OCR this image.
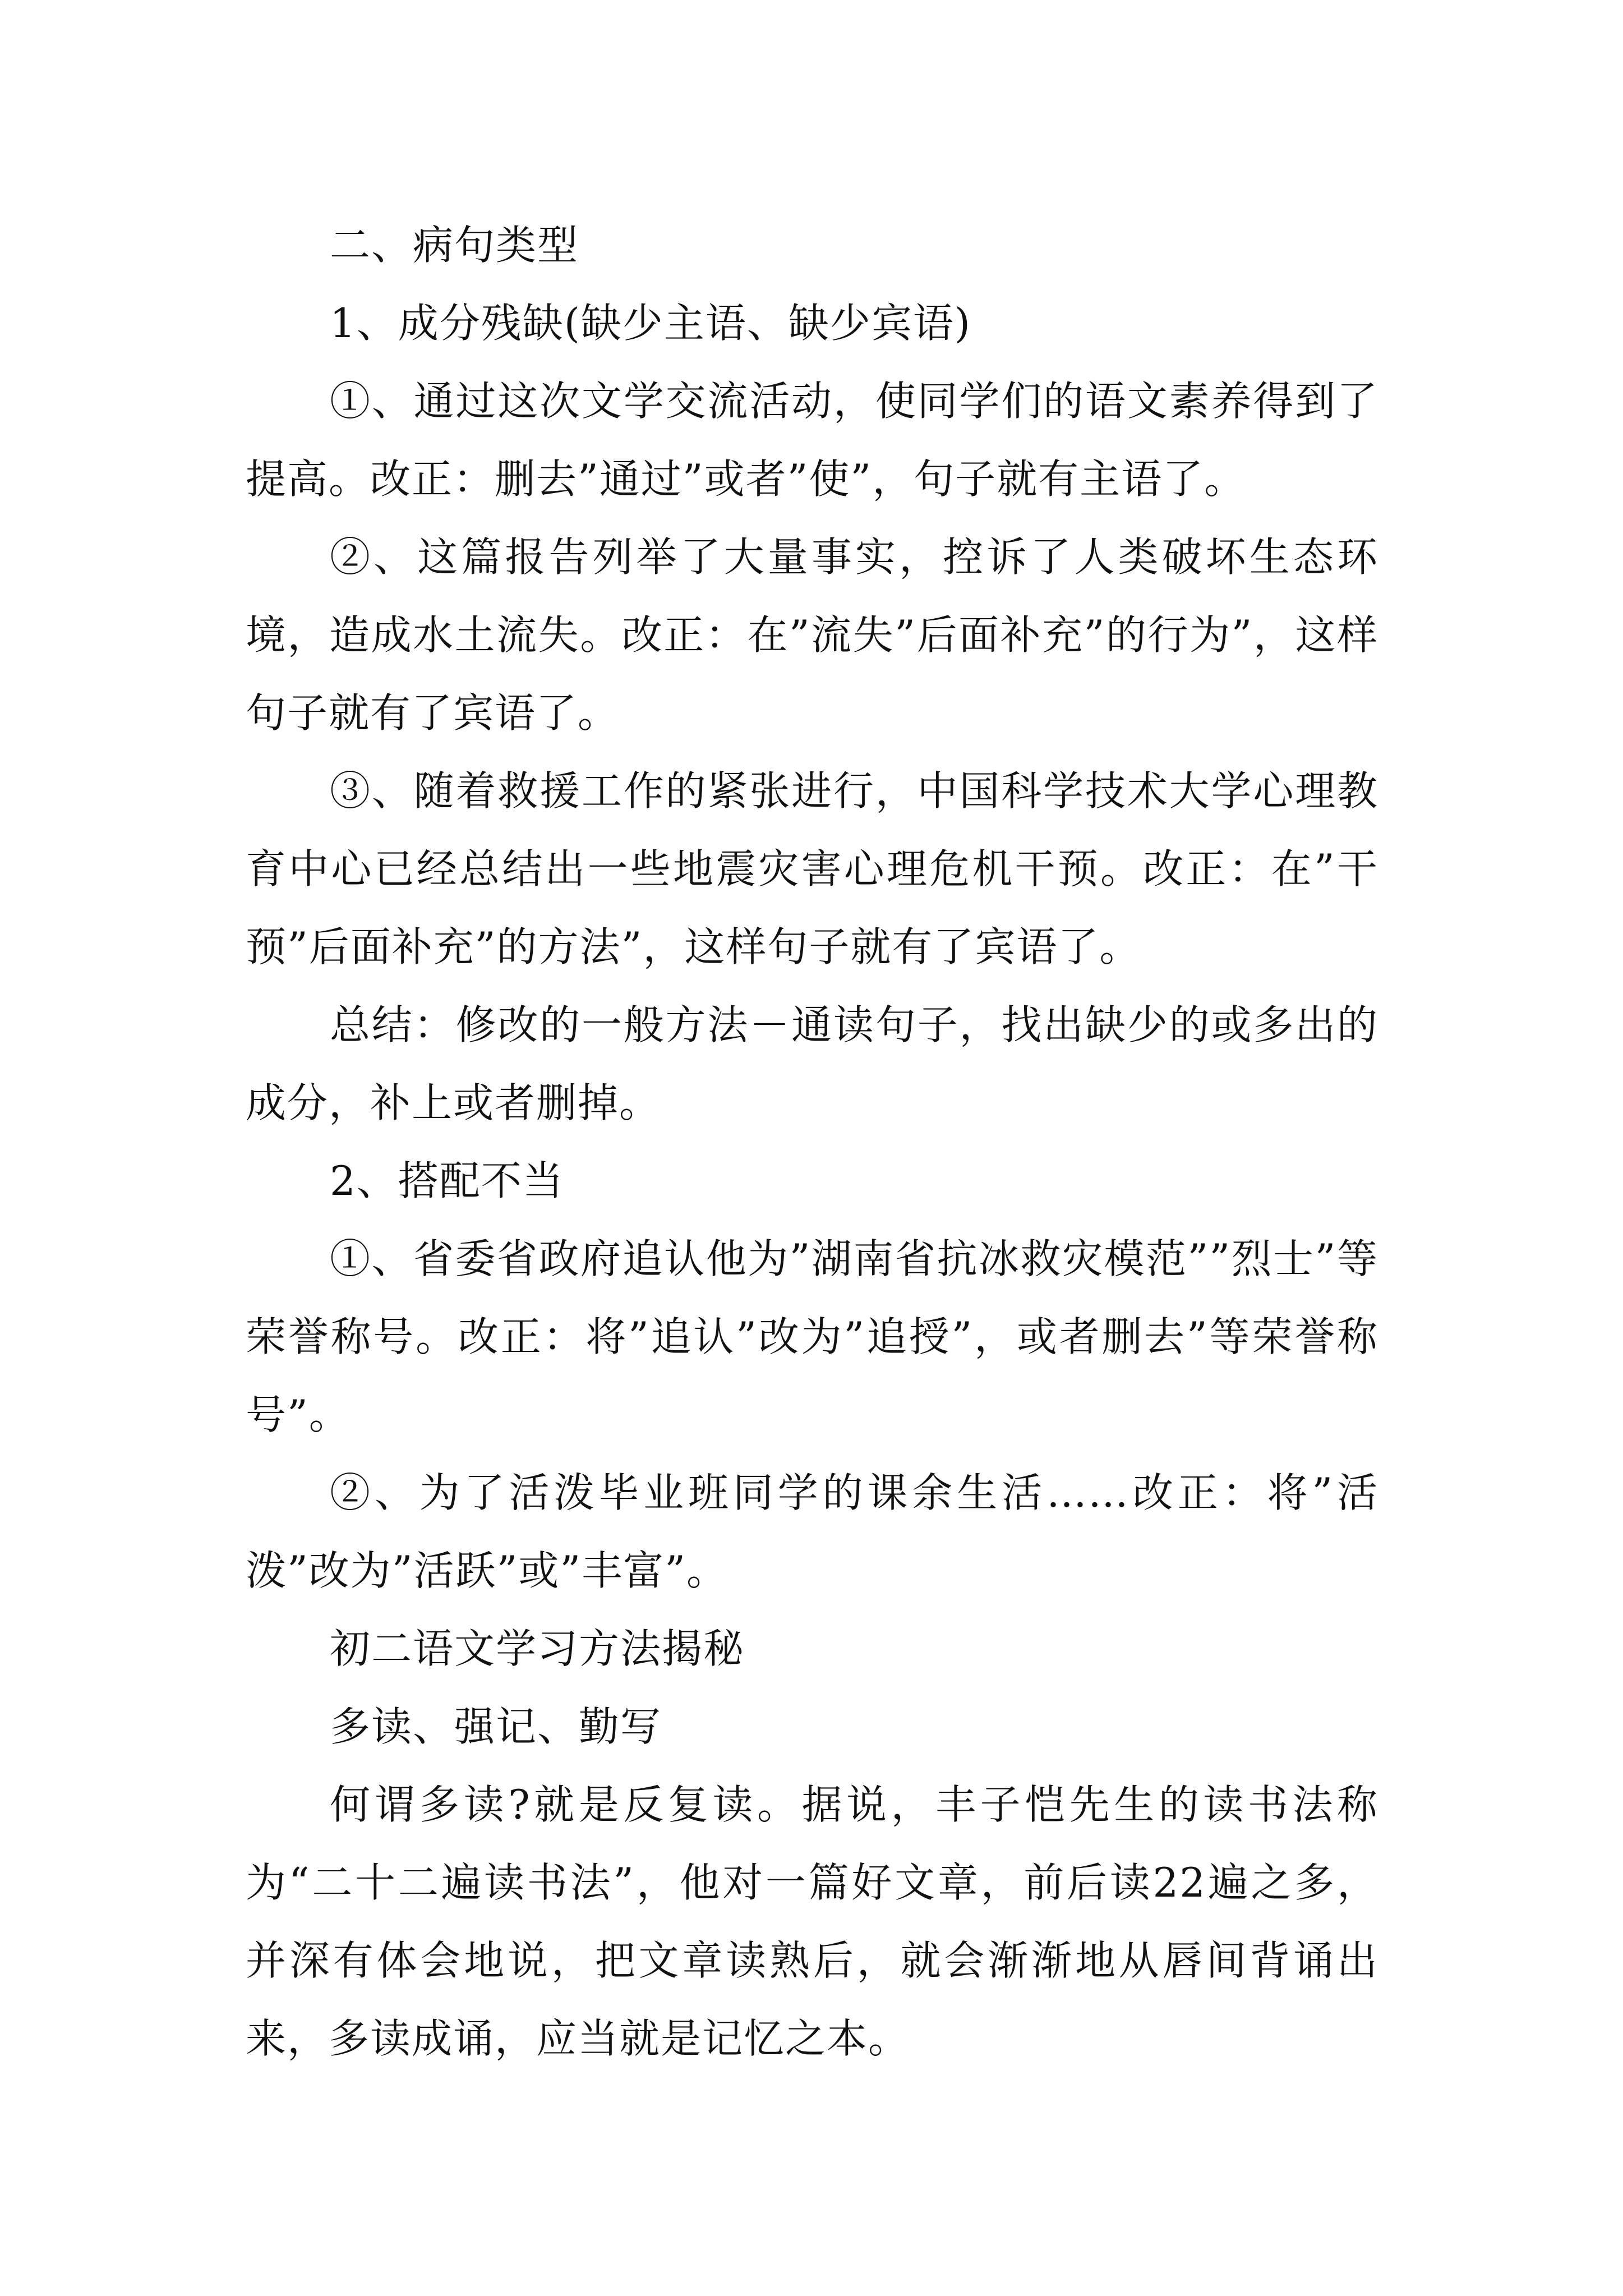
二、病句类型

1、成分残缺(缺少主语、缺少宾语)

①、通过这次文学交流活动，使同学们的语文素养得到了提高。改正：删去”通过”或者”使”，句子就有主语了。

②、这篇报告列举了大量事实，控诉了人类破坏生态环境，造成水土流失。改正：在”流失”后面补充”的行为”，这样句子就有了宾语了。

③、随着救援工作的紧张进行，中国科学技术大学心理教育中心已经总结出一些地震灾害心理危机干预。改正：在”干预”后面补充”的方法”，这样句子就有了宾语了。

总结：修改的一般方法－通读句子，找出缺少的或多出的成分，补上或者删掉。

2、搭配不当

①、省委省政府追认他为”湖南省抗冰救灾模范””烈士”等荣誉称号。改正：将”追认”改为”追授”，或者删去”等荣誉称号”。

②、为了活泼毕业班同学的课余生活……改正：将”活泼”改为”活跃”或”丰富”。

初二语文学习方法揭秘

多读、强记、勤写

何谓多读?就是反复读。据说，丰子恺先生的读书法称为“二十二遍读书法”，他对一篇好文章，前后读22遍之多，并深有体会地说，把文章读熟后，就会渐渐地从唇间背诵出来，多读成诵，应当就是记忆之本。
